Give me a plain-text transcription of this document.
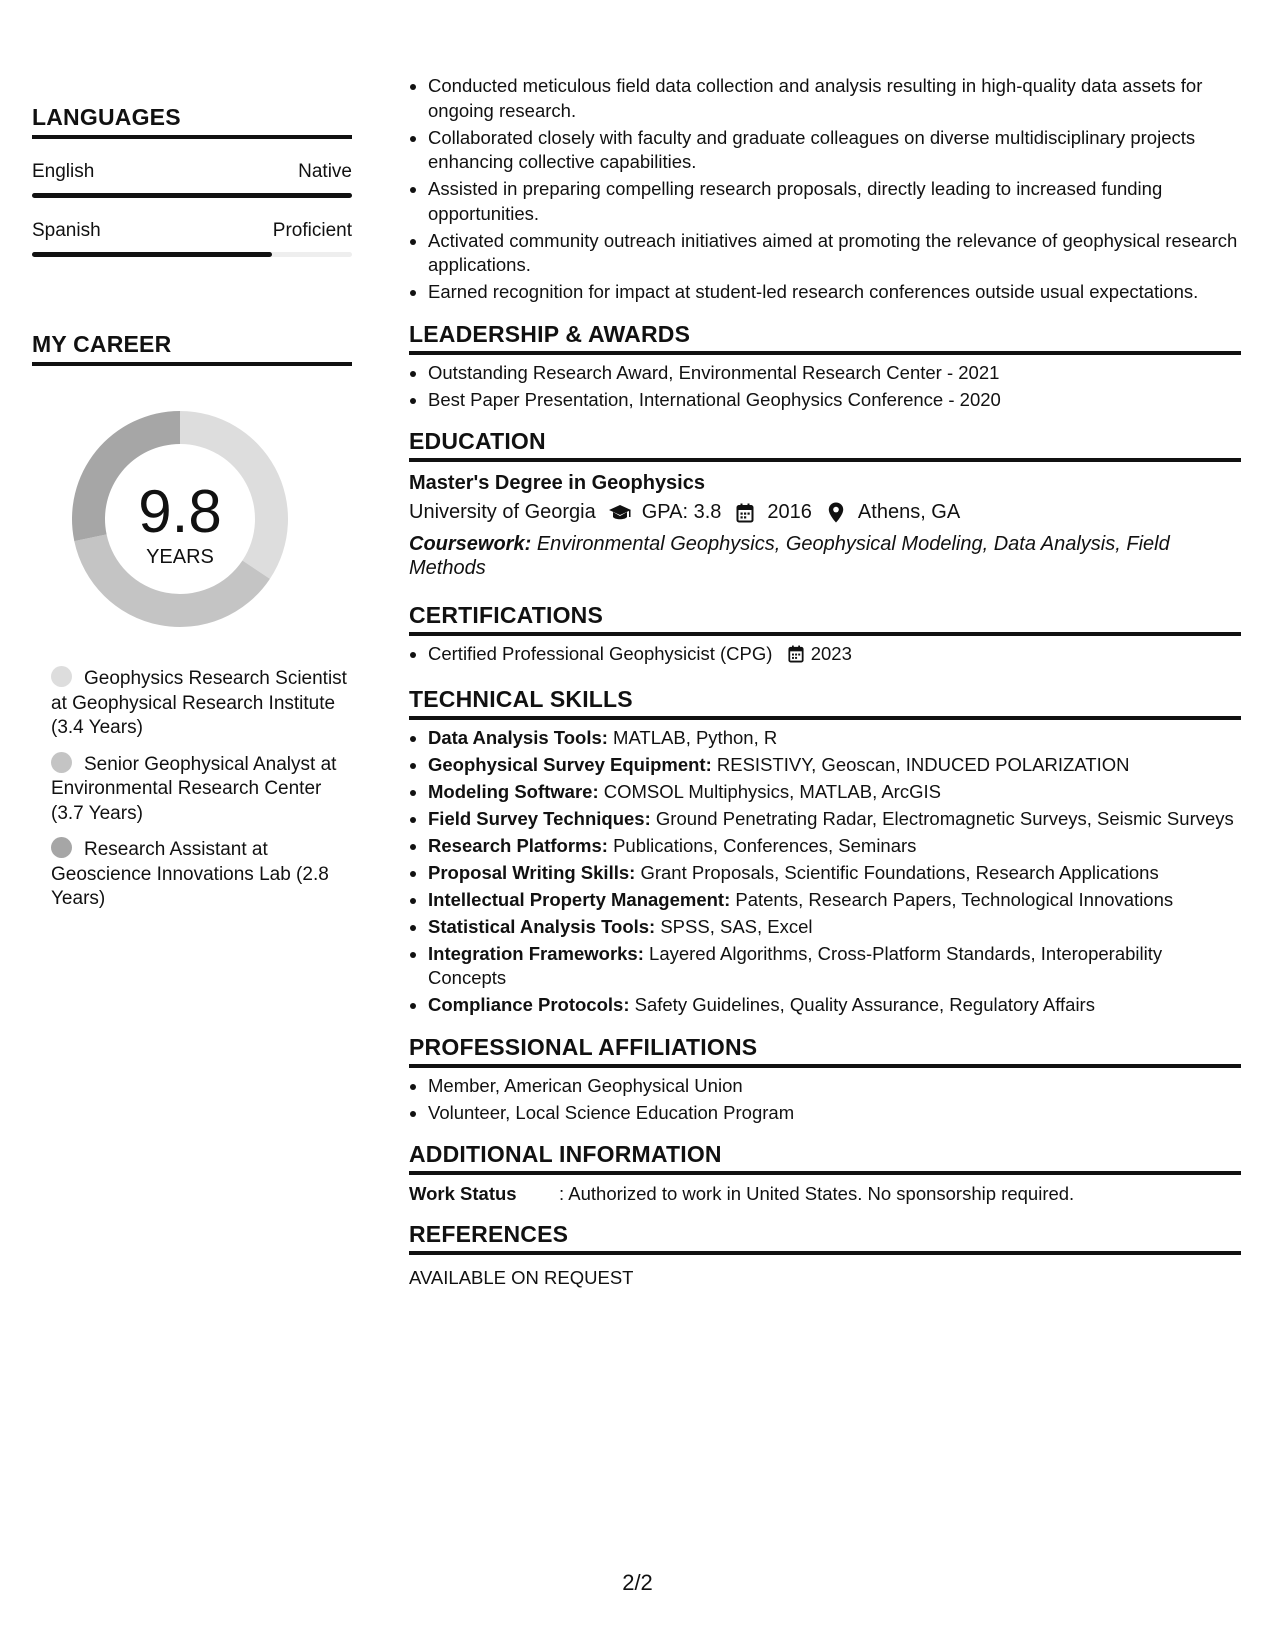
LANGUAGES
English	Native
Spanish	Proficient
MY CAREER
9.8
YEARS
Geophysics Research Scientist at Geophysical Research Institute (3.4 Years)
Senior Geophysical Analyst at Environmental Research Center (3.7 Years)
Research Assistant at Geoscience Innovations Lab (2.8 Years)
• Conducted meticulous field data collection and analysis resulting in high-quality data assets for ongoing research.
• Collaborated closely with faculty and graduate colleagues on diverse multidisciplinary projects enhancing collective capabilities.
• Assisted in preparing compelling research proposals, directly leading to increased funding opportunities.
• Activated community outreach initiatives aimed at promoting the relevance of geophysical research applications.
• Earned recognition for impact at student-led research conferences outside usual expectations.
LEADERSHIP & AWARDS
• Outstanding Research Award, Environmental Research Center - 2021
• Best Paper Presentation, International Geophysics Conference - 2020
EDUCATION
Master's Degree in Geophysics
University of Georgia GPA: 3.8 2016 Athens, GA
Coursework: Environmental Geophysics, Geophysical Modeling, Data Analysis, Field Methods
CERTIFICATIONS
• Certified Professional Geophysicist (CPG) 2023
TECHNICAL SKILLS
• Data Analysis Tools: MATLAB, Python, R
• Geophysical Survey Equipment: RESISTIVY, Geoscan, INDUCED POLARIZATION
• Modeling Software: COMSOL Multiphysics, MATLAB, ArcGIS
• Field Survey Techniques: Ground Penetrating Radar, Electromagnetic Surveys, Seismic Surveys
• Research Platforms: Publications, Conferences, Seminars
• Proposal Writing Skills: Grant Proposals, Scientific Foundations, Research Applications
• Intellectual Property Management: Patents, Research Papers, Technological Innovations
• Statistical Analysis Tools: SPSS, SAS, Excel
• Integration Frameworks: Layered Algorithms, Cross-Platform Standards, Interoperability Concepts
• Compliance Protocols: Safety Guidelines, Quality Assurance, Regulatory Affairs
PROFESSIONAL AFFILIATIONS
• Member, American Geophysical Union
• Volunteer, Local Science Education Program
ADDITIONAL INFORMATION
Work Status	: Authorized to work in United States. No sponsorship required.
REFERENCES
AVAILABLE ON REQUEST
2/2
